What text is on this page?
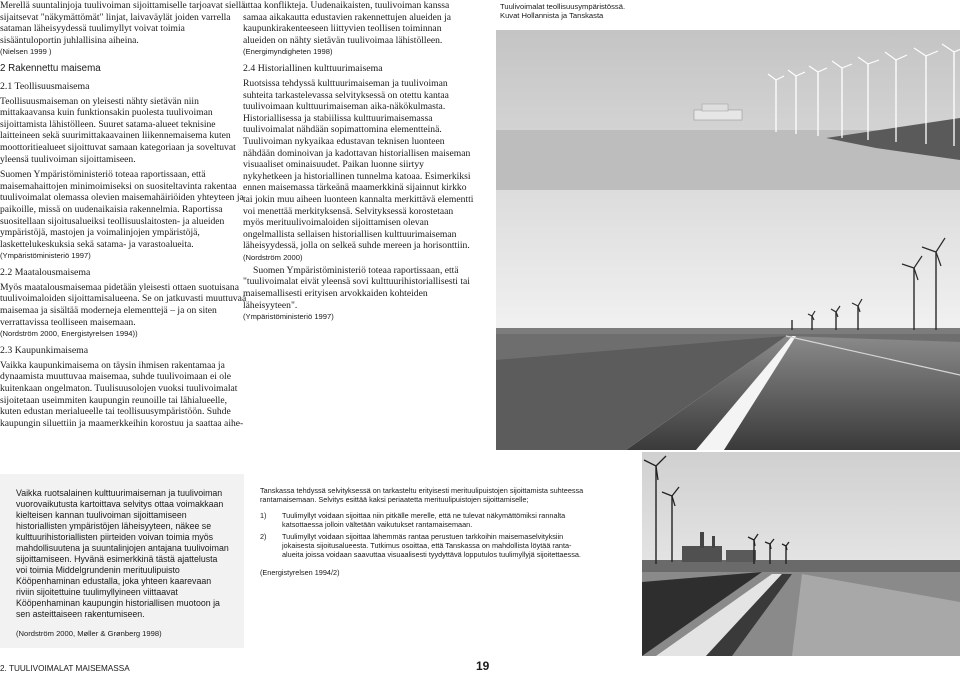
Merellä suuntalinjoja tuulivoiman sijoittamiselle tarjoavat siellä sijaitsevat "näkymättömät" linjat, laivaväylät joiden varrella sataman läheisyydessä tuulimyllyt voivat toimia sisääntuloportin juhlallisina aiheina.

(Nielsen 1999 )

2 Rakennettu maisema
2.1 Teollisuusmaisema

Teollisuusmaiseman on yleisesti nähty sietävän niin mittakaavansa kuin funktionsakin puolesta tuulivoiman sijoittamista lähistölleen. Suuret satama-alueet teknisine laitteineen sekä suurimittakaavainen liikennemaisema kuten moottoritiealueet sijoittuvat samaan kategoriaan ja soveltuvat yleensä tuulivoiman sijoittamiseen.

Suomen Ympäristöministeriö toteaa raportissaan, että maisemahaittojen minimoimiseksi on suositeltavinta rakentaa tuulivoimalat olemassa olevien maisemahäiriöiden yhteyteen ja paikoille, missä on uudenaikaisia rakennelmia. Raportissa suositellaan sijoitusalueiksi teollisuuslaitosten- ja alueiden ympäristöjä, mastojen ja voimalinjojen ympäristöjä, laskettelukeskuksia sekä satama- ja varastoalueita.

(Ympäristöministeriö 1997)

2.2 Maatalousmaisema

Myös maatalousmaisemaa pidetään yleisesti ottaen suotuisana tuulivoimaloiden sijoittamisalueena. Se on jatkuvasti muuttuvaa maisemaa ja sisältää moderneja elementtejä – ja on siten verrattavissa teolliseen maisemaan.

(Nordström 2000, Energistyrelsen 1994))

2.3 Kaupunkimaisema

Vaikka kaupunkimaisema on täysin ihmisen rakentamaa ja dynaamista muuttuvaa maisemaa, suhde tuulivoimaan ei ole kuitenkaan ongelmaton. Tuulisuusolojen vuoksi tuulivoimalat sijoitetaan useimmiten kaupungin reunoille tai lähialueelle, kuten edustan merialueelle tai teollisuusympäristöön. Suhde kaupungin siluettiin ja maamerkkeihin korostuu ja saattaa aihe-

uttaa konflikteja. Uudenaikaisten, tuulivoiman kanssa samaa aikakautta edustavien rakennettujen alueiden ja kaupunkirakenteeseen liittyvien teollisen toiminnan alueiden on nähty sietävän tuulivoimaa lähistölleen.

(Energimyndigheten 1998)

2.4 Historiallinen kulttuurimaisema

Ruotsissa tehdyssä kulttuurimaiseman ja tuulivoiman suhteita tarkastelevassa selvityksessä on otettu kantaa tuulivoimaan kulttuurimaiseman aika-näkökulmasta. Historiallisessa ja stabiilissa kulttuurimaisemassa tuulivoimalat nähdään sopimattomina elementteinä. Tuulivoiman nykyaikaa edustavan teknisen luonteen nähdään dominoivan ja kadottavan historiallisen maiseman visuaaliset ominaisuudet. Paikan luonne siirtyy nykyhetkeen ja historiallinen tunnelma katoaa. Esimerkiksi ennen maisemassa tärkeänä maamerkkinä sijainnut kirkko tai jokin muu aiheen luonteen kannalta merkittävä elementti voi menettää merkityksensä. Selvityksessä korostetaan myös merituulivoimaloiden sijoittamisen olevan ongelmallista sellaisen historiallisen kulttuurimaiseman läheisyydessä, jolla on selkeä suhde mereen ja horisonttiin.

(Nordström 2000)

Suomen Ympäristöministeriö toteaa raportissaan, että "tuulivoimalat eivät yleensä sovi kulttuurihistoriallisesti tai maisemallisesti erityisen arvokkaiden kohteiden läheisyyteen".

(Ympäristöministeriö 1997)

Tuulivoimalat teollisuusympäristössä.

Kuvat Hollannista ja Tanskasta

Vaikka ruotsalainen kulttuurimaiseman ja tuulivoiman vuorovaikutusta kartoittava selvitys ottaa voimakkaan kielteisen kannan tuulivoiman sijoittamiseen historiallisten ympäristöjen läheisyyteen, näkee se kulttuurihistoriallisten piirteiden voivan toimia myös mahdollisuutena ja suuntalinjojen antajana tuulivoiman sijoittamiseen. Hyvänä esimerkkinä tästä ajattelusta voi toimia Middelgrundenin merituulipuisto Kööpenhaminan edustalla, joka yhteen kaarevaan riviin sijoitettuine tuulimyllyineen viittaavat Kööpenhaminan kaupungin historiallisen muotoon ja sen asteittaiseen rakentumiseen.

(Nordström 2000, Møller & Grønberg 1998)

Tanskassa tehdyssä selvityksessä on tarkasteltu erityisesti merituulipuistojen sijoittamista suhteessa rantamaisemaan. Selvitys esittää kaksi periaatetta merituulipuistojen sijoittamiselle;

1) Tuulimyllyt voidaan sijoittaa niin pitkälle merelle, että ne tulevat näkymättömiksi rannalta katsottaessa jolloin vältetään vaikutukset rantamaisemaan.
2) Tuulimyllyt voidaan sijoittaa lähemmäs rantaa perustuen tarkkoihin maisemaselvityksiin jokaisesta sijoitusalueesta. Tutkimus osoittaa, että Tanskassa on mahdollista löytää ranta-alueita joissa voidaan saavuttaa visuaalisesti tyydyttävä lopputulos tuulimyllyjä sijoitettaessa.

(Energistyrelsen 1994/2)

2. TUULIVOIMALAT MAISEMASSA	19
